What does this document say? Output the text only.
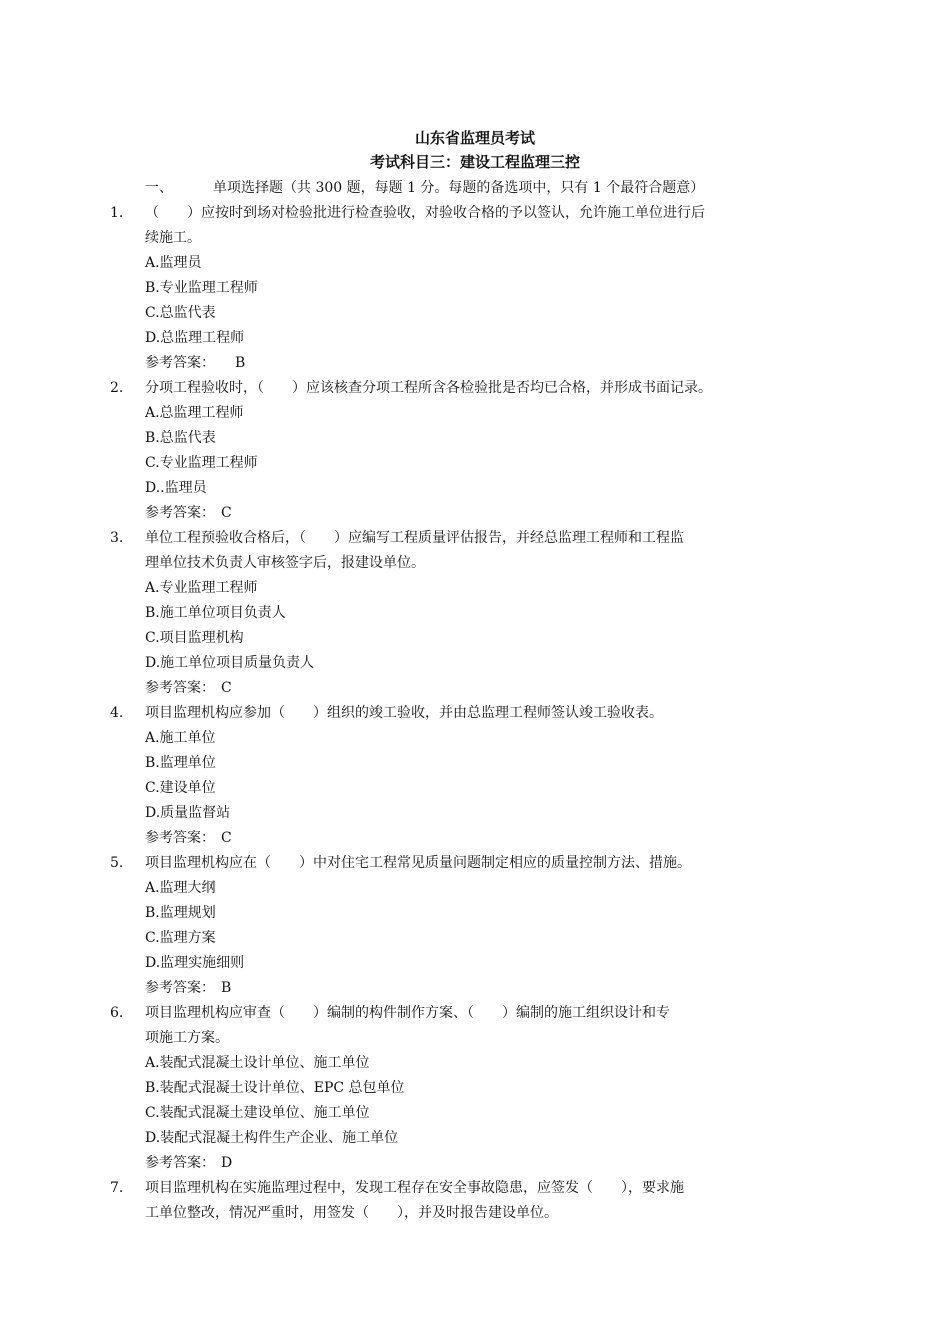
山东省监理员考试
考试科目三：建设工程监理三控
一、	单项选择题（共 300 题，每题 1 分。每题的备选项中，只有 1 个最符合题意）
1. （　　）应按时到场对检验批进行检查验收，对验收合格的予以签认，允许施工单位进行后
续施工。
A.监理员
B.专业监理工程师
C.总监代表
D.总监理工程师
参考答案：　B
2. 分项工程验收时，（　　）应该核查分项工程所含各检验批是否均已合格，并形成书面记录。
A.总监理工程师
B.总监代表
C.专业监理工程师
D..监理员
参考答案： C
3. 单位工程预验收合格后，（　　）应编写工程质量评估报告，并经总监理工程师和工程监
理单位技术负责人审核签字后，报建设单位。
A.专业监理工程师
B.施工单位项目负责人
C.项目监理机构
D.施工单位项目质量负责人
参考答案： C
4. 项目监理机构应参加（　　）组织的竣工验收，并由总监理工程师签认竣工验收表。
A.施工单位
B.监理单位
C.建设单位
D.质量监督站
参考答案： C
5. 项目监理机构应在（　　）中对住宅工程常见质量问题制定相应的质量控制方法、措施。
A.监理大纲
B.监理规划
C.监理方案
D.监理实施细则
参考答案： B
6. 项目监理机构应审查（　　）编制的构件制作方案、（　　）编制的施工组织设计和专
项施工方案。
A.装配式混凝土设计单位、施工单位
B.装配式混凝土设计单位、EPC 总包单位
C.装配式混凝土建设单位、施工单位
D.装配式混凝土构件生产企业、施工单位
参考答案： D
7. 项目监理机构在实施监理过程中，发现工程存在安全事故隐患，应签发（　　），要求施
工单位整改，情况严重时，用签发（　　），并及时报告建设单位。
